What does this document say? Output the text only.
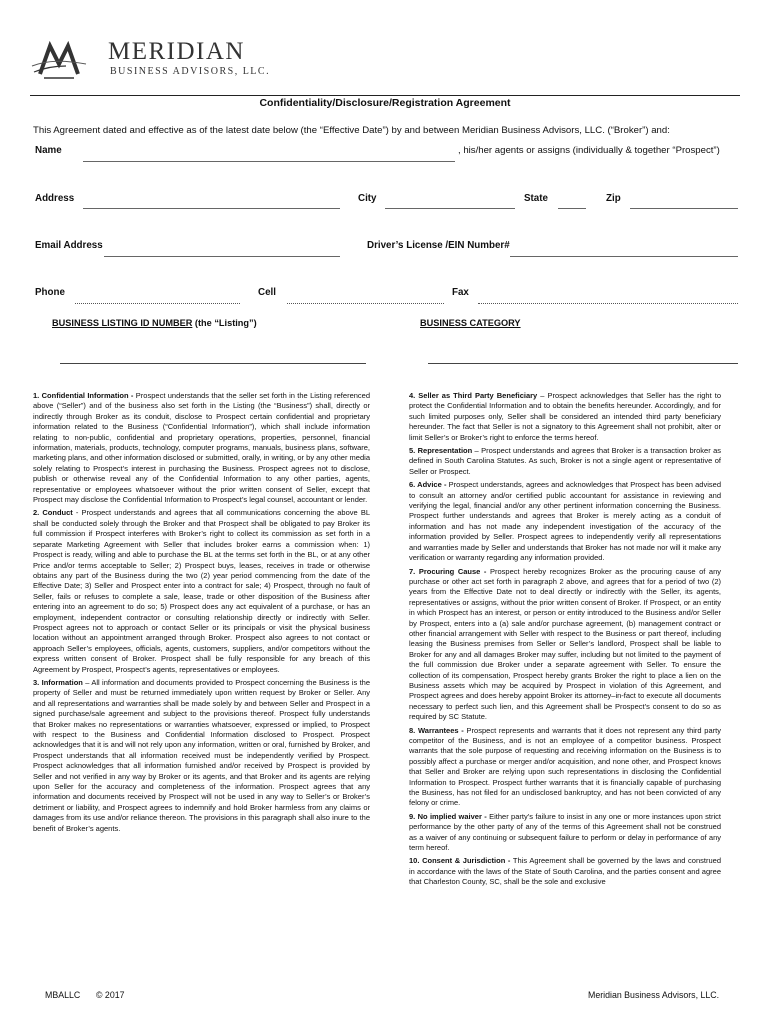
MERIDIAN
BUSINESS ADVISORS, LLC.
Confidentiality/Disclosure/Registration Agreement
This Agreement dated and effective as of the latest date below (the “Effective Date”) by and between Meridian Business Advisors, LLC. (“Broker”) and:
Name	, his/her agents or assigns (individually & together “Prospect”)
Address	City	State	Zip
Email Address	Driver’s License /EIN Number#
Phone	Cell	Fax
BUSINESS LISTING ID NUMBER (the “Listing”)	BUSINESS CATEGORY

1. Confidential Information - Prospect understands that the seller set forth in the Listing referenced above (“Seller”) and of the business also set forth in the Listing (the “Business”) shall, directly or indirectly through Broker as its conduit, disclose to Prospect certain confidential and proprietary information related to the Business (“Confidential Information”), which shall include information relating to non-public, confidential and proprietary operations, properties, personnel, financial information, materials, products, technology, computer programs, manuals, business plans, software, marketing plans, and other information disclosed or submitted, orally, in writing, or by any other media solely relating to Prospect’s interest in purchasing the Business. Prospect agrees not to disclose, publish or otherwise reveal any of the Confidential Information to any other parties, agents, representative or employees whatsoever without the prior written consent of Seller, except that Prospect may disclose the Confidential Information to Prospect’s legal counsel, accountant or lender.

2. Conduct - Prospect understands and agrees that all communications concerning the above BL shall be conducted solely through the Broker and that Prospect shall be obligated to pay Broker its full commission if Prospect interferes with Broker’s right to collect its commission as set forth in a separate Marketing Agreement with Seller that includes broker earns a commission when: 1) Prospect is ready, willing and able to purchase the BL at the terms set forth in the BL, or at any other Price and/or terms acceptable to Seller; 2) Prospect buys, leases, receives in trade or otherwise obtains any part of the Business during the two (2) year period commencing from the date of the Effective Date; 3) Seller and Prospect enter into a contract for sale; 4) Prospect, through no fault of Seller, fails or refuses to complete a sale, lease, trade or other disposition of the Business after entering into an agreement to do so; 5) Prospect does any act equivalent of a purchase, or has an employment, independent contractor or consulting relationship directly or indirectly with Seller. Prospect agrees not to approach or contact Seller or its principals or visit the physical business location without an appointment arranged through Broker. Prospect also agrees to not contact or approach Seller’s employees, officials, agents, customers, suppliers, and/or competitors without the express written consent of Broker. Prospect shall be fully responsible for any breach of this Agreement by Prospect, Prospect’s agents, representatives or employees.

3. Information – All information and documents provided to Prospect concerning the Business is the property of Seller and must be returned immediately upon written request by Broker or Seller. Any and all representations and warranties shall be made solely by and between Seller and Prospect in a signed purchase/sale agreement and subject to the provisions thereof. Prospect fully understands that Broker makes no representations or warranties whatsoever, expressed or implied, to Prospect with respect to the Business and Confidential Information disclosed to Prospect. Prospect acknowledges that it is and will not rely upon any information, written or oral, furnished by Broker, and Prospect understands that all information received must be independently verified by Prospect. Prospect acknowledges that all information furnished and/or received by Prospect is provided by Seller and not verified in any way by Broker or its agents, and that Broker and its agents are relying upon Seller for the accuracy and completeness of the information. Prospect agrees that any information and documents received by Prospect will not be used in any way to Seller’s or Broker’s detriment or liability, and Prospect agrees to indemnify and hold Broker harmless from any claims or damages from its use and/or reliance thereon. The provisions in this paragraph shall also inure to the benefit of Broker’s agents.

4. Seller as Third Party Beneficiary – Prospect acknowledges that Seller has the right to protect the Confidential Information and to obtain the benefits hereunder. Accordingly, and for such limited purposes only, Seller shall be considered an intended third party beneficiary hereunder. The fact that Seller is not a signatory to this Agreement shall not prohibit, alter or limit Seller’s or Broker’s right to enforce the terms hereof.

5. Representation – Prospect understands and agrees that Broker is a transaction broker as defined in South Carolina Statutes. As such, Broker is not a single agent or representative of Seller or Prospect.

6. Advice - Prospect understands, agrees and acknowledges that Prospect has been advised to consult an attorney and/or certified public accountant for assistance in reviewing and verifying the legal, financial and/or any other pertinent information concerning the Business. Prospect further understands and agrees that Broker is merely acting as a conduit of information and has not made any independent investigation of the accuracy of the information provided by Seller. Prospect agrees to independently verify all representations and warranties made by Seller and understands that Broker has not made nor will it make any verification or warranty regarding any information provided.

7. Procuring Cause - Prospect hereby recognizes Broker as the procuring cause of any purchase or other act set forth in paragraph 2 above, and agrees that for a period of two (2) years from the Effective Date not to deal directly or indirectly with the Seller, its agents, representatives or assigns, without the prior written consent of Broker. If Prospect, or an entity in which Prospect has an interest, or person or entity introduced to the Business and/or Seller by Prospect, enters into a (a) sale and/or purchase agreement, (b) management contract or other financial arrangement with Seller with respect to the Business or part thereof, including leasing the Business premises from Seller or Seller’s landlord, Prospect shall be liable to Broker for any and all damages Broker may suffer, including but not limited to the payment of the full commission due Broker under a separate agreement with Seller. To ensure the collection of its compensation, Prospect hereby grants Broker the right to place a lien on the Business assets which may be acquired by Prospect in violation of this Agreement, and Prospect agrees and does hereby appoint Broker its attorney–in-fact to execute all documents necessary to perfect such lien, and this Agreement shall be Prospect’s consent to do so as required by SC Statute.

8. Warrantees - Prospect represents and warrants that it does not represent any third party competitor of the Business, and is not an employee of a competitor business. Prospect warrants that the sole purpose of requesting and receiving information on the Business is to possibly affect a purchase or merger and/or acquisition, and none other, and Prospect knows that Seller and Broker are relying upon such representations in disclosing the Confidential Information to Prospect. Prospect further warrants that it is financially capable of purchasing the Business, has not filed for an undisclosed bankruptcy, and has not been convicted of any felony or crime.

9. No implied waiver - Either party’s failure to insist in any one or more instances upon strict performance by the other party of any of the terms of this Agreement shall not be construed as a waiver of any continuing or subsequent failure to perform or delay in performance of any term hereof.

10. Consent & Jurisdiction - This Agreement shall be governed by the laws and construed in accordance with the laws of the State of South Carolina, and the parties consent and agree that Charleston County, SC, shall be the sole and exclusive

MBALLC © 2017	Meridian Business Advisors, LLC.
